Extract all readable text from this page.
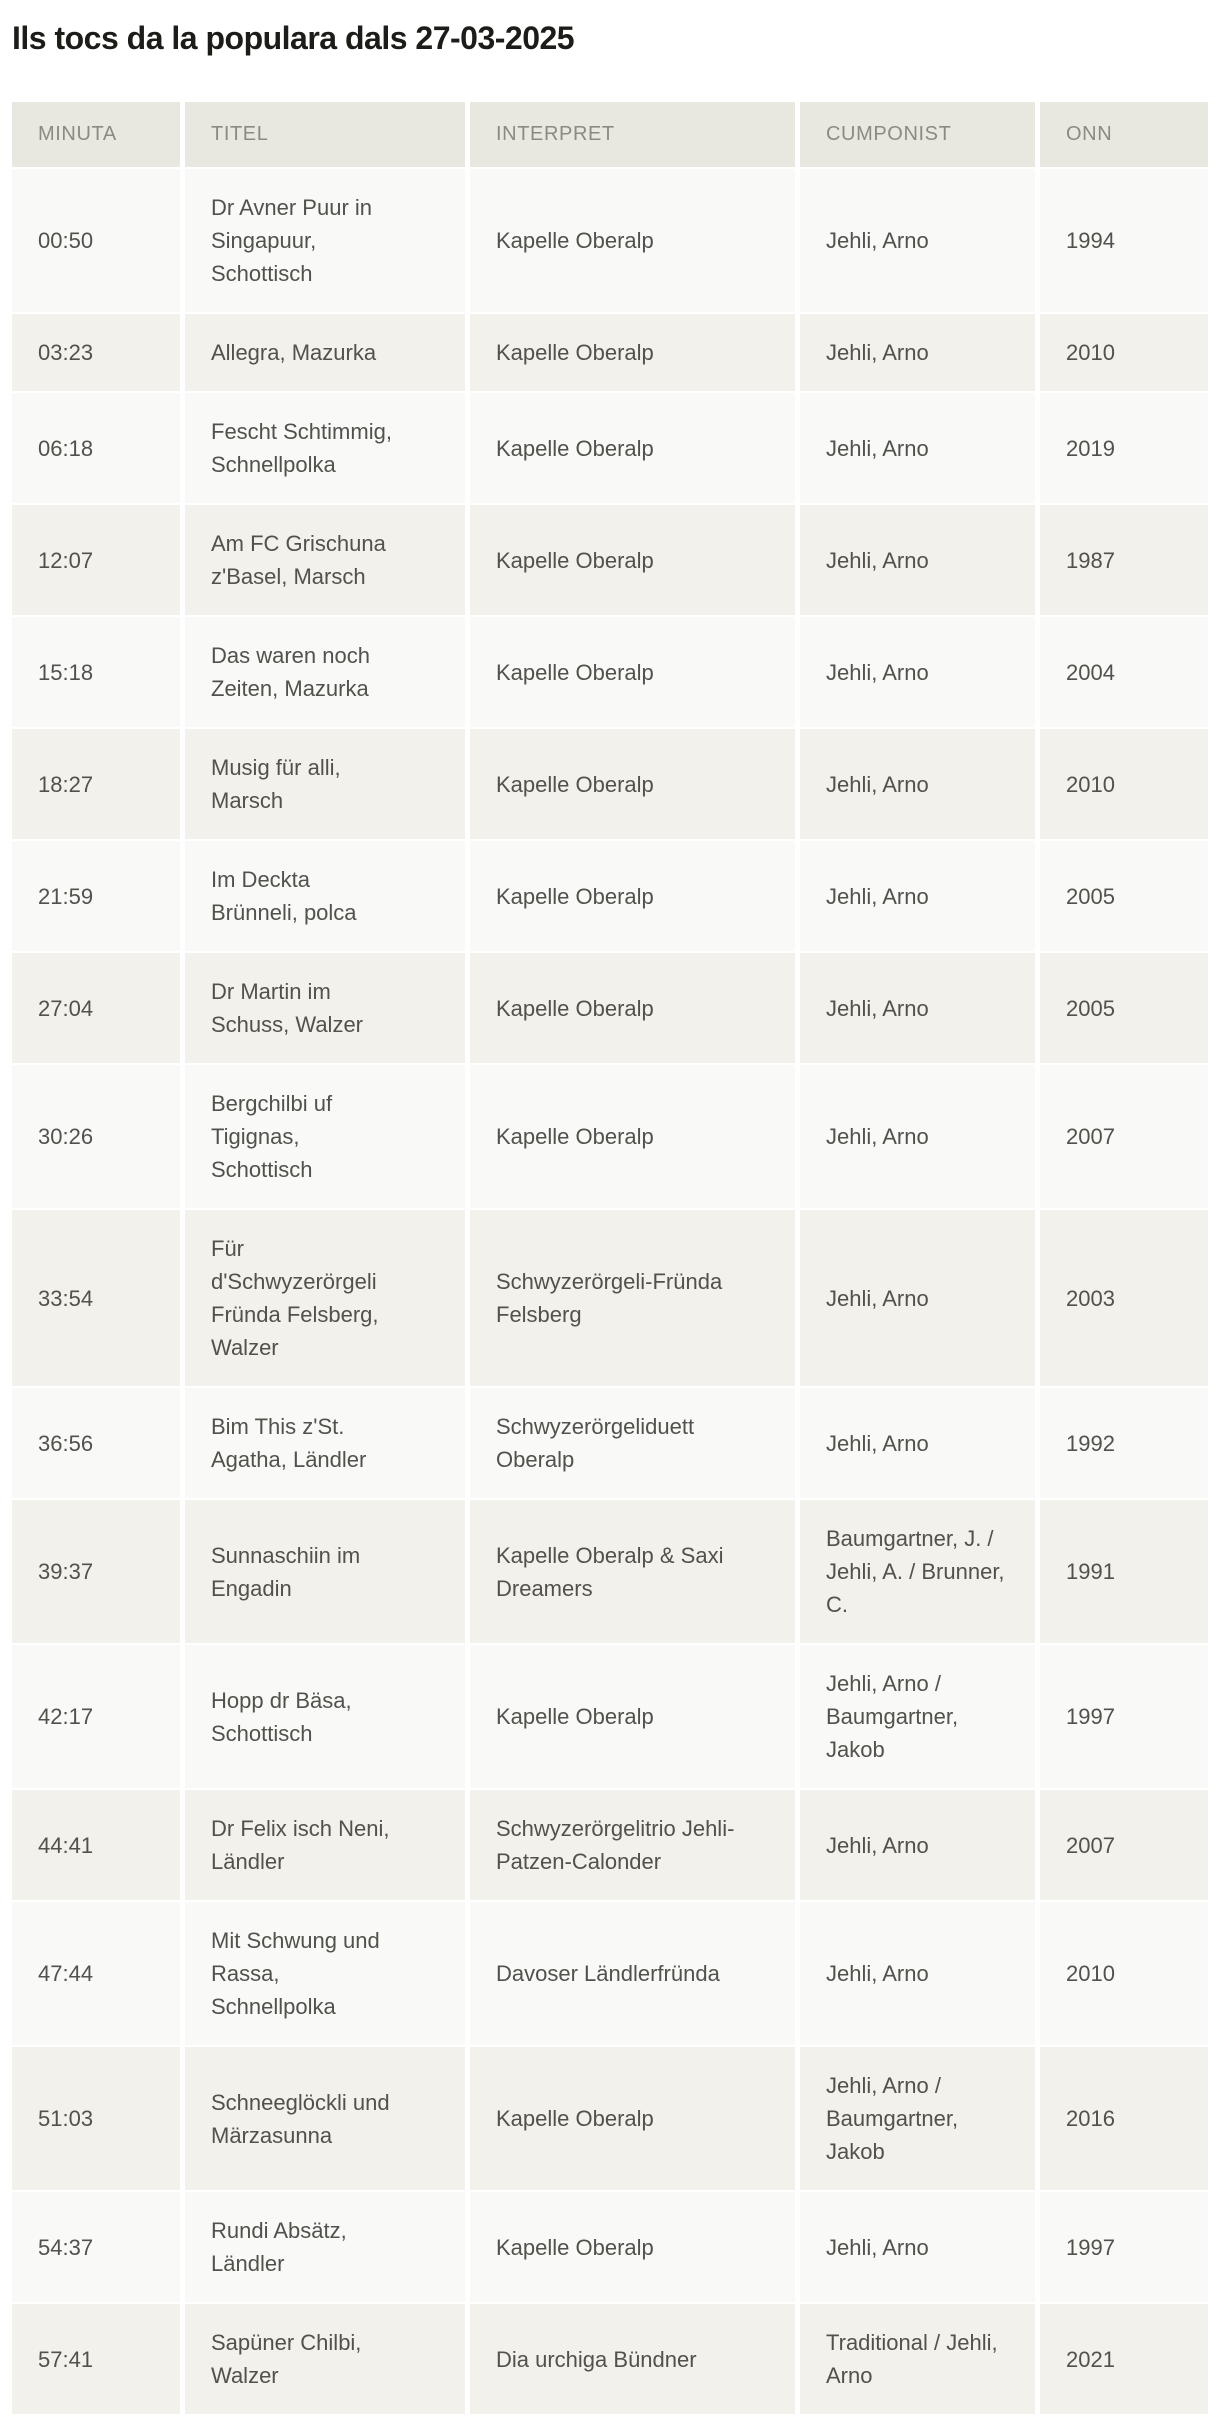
Ils tocs da la populara dals 27-03-2025
MINUTA	TITEL	INTERPRET	CUMPONIST	ONN
00:50	Dr Avner Puur in Singapuur, Schottisch	Kapelle Oberalp	Jehli, Arno	1994
03:23	Allegra, Mazurka	Kapelle Oberalp	Jehli, Arno	2010
06:18	Fescht Schtimmig, Schnellpolka	Kapelle Oberalp	Jehli, Arno	2019
12:07	Am FC Grischuna z'Basel, Marsch	Kapelle Oberalp	Jehli, Arno	1987
15:18	Das waren noch Zeiten, Mazurka	Kapelle Oberalp	Jehli, Arno	2004
18:27	Musig für alli, Marsch	Kapelle Oberalp	Jehli, Arno	2010
21:59	Im Deckta Brünneli, polca	Kapelle Oberalp	Jehli, Arno	2005
27:04	Dr Martin im Schuss, Walzer	Kapelle Oberalp	Jehli, Arno	2005
30:26	Bergchilbi uf Tigignas, Schottisch	Kapelle Oberalp	Jehli, Arno	2007
33:54	Für d'Schwyzerörgeli Fründa Felsberg, Walzer	Schwyzerörgeli-Fründa Felsberg	Jehli, Arno	2003
36:56	Bim This z'St. Agatha, Ländler	Schwyzerörgeliduett Oberalp	Jehli, Arno	1992
39:37	Sunnaschiin im Engadin	Kapelle Oberalp & Saxi Dreamers	Baumgartner, J. / Jehli, A. / Brunner, C.	1991
42:17	Hopp dr Bäsa, Schottisch	Kapelle Oberalp	Jehli, Arno / Baumgartner, Jakob	1997
44:41	Dr Felix isch Neni, Ländler	Schwyzerörgelitrio Jehli-Patzen-Calonder	Jehli, Arno	2007
47:44	Mit Schwung und Rassa, Schnellpolka	Davoser Ländlerfründa	Jehli, Arno	2010
51:03	Schneeglöckli und Märzasunna	Kapelle Oberalp	Jehli, Arno / Baumgartner, Jakob	2016
54:37	Rundi Absätz, Ländler	Kapelle Oberalp	Jehli, Arno	1997
57:41	Sapüner Chilbi, Walzer	Dia urchiga Bündner	Traditional / Jehli, Arno	2021
